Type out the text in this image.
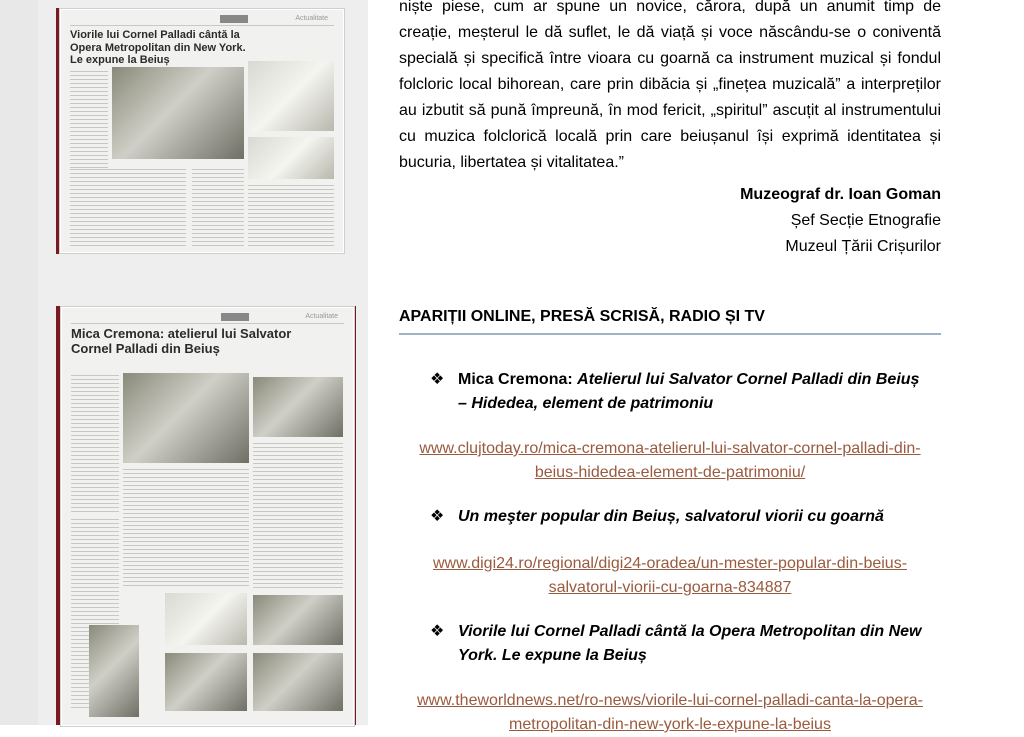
Actualitate
Viorile lui Cornel Palladi cântă la Opera Metropolitan din New York. Le expune la Beiuș
Actualitate
Mica Cremona: atelierul lui Salvator Cornel Palladi din Beiuș
niște piese, cum ar spune un novice, cărora, după un anumit timp de creație, meșterul le dă suflet, le dă viață și voce născându-se o coniventă specială și specifică între vioara cu goarnă ca instrument muzical și fondul folcloric local bihorean, care prin dibăcia și „finețea muzicală” a interpreților au izbutit să pună împreună, în mod fericit, „spiritul” ascuțit al instrumentului cu muzica folclorică locală prin care beiușanul își exprimă identitatea și bucuria, libertatea și vitalitatea.”
Muzeograf dr. Ioan Goman
Șef Secție Etnografie
Muzeul Țării Crișurilor
APARIȚII ONLINE, PRESĂ SCRISĂ, RADIO ȘI TV
❖ Mica Cremona: Atelierul lui Salvator Cornel Palladi din Beiuș
– Hidedea, element de patrimoniu
www.clujtoday.ro/mica-cremona-atelierul-lui-salvator-cornel-palladi-din-
beius-hidedea-element-de-patrimoniu/
❖ Un meşter popular din Beiuș, salvatorul viorii cu goarnă
www.digi24.ro/regional/digi24-oradea/un-mester-popular-din-beius-
salvatorul-viorii-cu-goarna-834887
❖ Viorile lui Cornel Palladi cântă la Opera Metropolitan din New
York. Le expune la Beiuș
www.theworldnews.net/ro-news/viorile-lui-cornel-palladi-canta-la-opera-
metropolitan-din-new-york-le-expune-la-beius
